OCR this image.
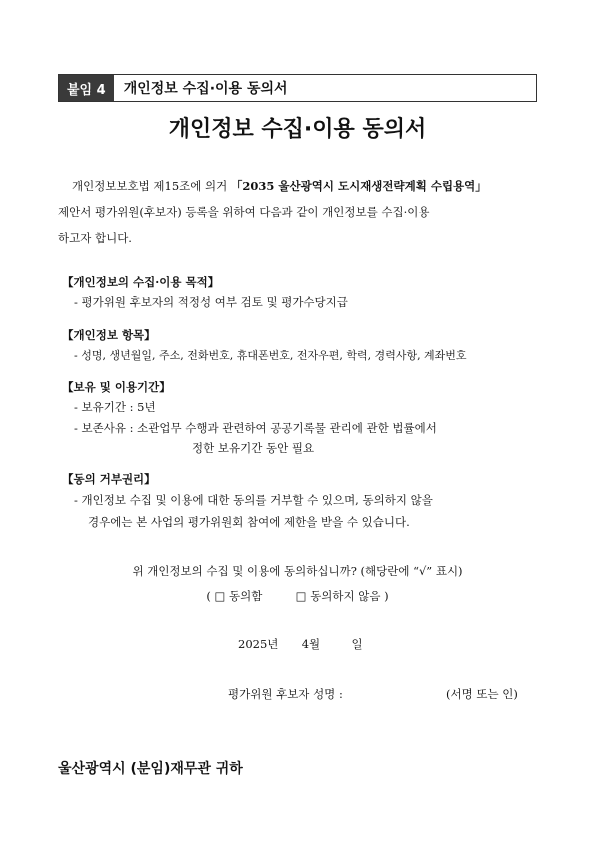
붙임 4	개인정보 수집·이용 동의서
개인정보 수집·이용 동의서
개인정보보호법 제15조에 의거 「2035 울산광역시 도시재생전략계획 수립용역」
제안서 평가위원(후보자) 등록을 위하여 다음과 같이 개인정보를 수집·이용
하고자 합니다.
【개인정보의 수집·이용 목적】
- 평가위원 후보자의 적정성 여부 검토 및 평가수당지급
【개인정보 항목】
- 성명, 생년월일, 주소, 전화번호, 휴대폰번호, 전자우편, 학력, 경력사항, 계좌번호
【보유 및 이용기간】
- 보유기간 : 5년
- 보존사유 : 소관업무 수행과 관련하여 공공기록물 관리에 관한 법률에서
정한 보유기간 동안 필요
【동의 거부권리】
- 개인정보 수집 및 이용에 대한 동의를 거부할 수 있으며, 동의하지 않을
경우에는 본 사업의 평가위원회 참여에 제한을 받을 수 있습니다.
위 개인정보의 수집 및 이용에 동의하십니까? (해당란에 “√” 표시)
( □ 동의함	□ 동의하지 않음 )
2025년 4월	일
평가위원 후보자 성명 :	(서명 또는 인)
울산광역시 (분임)재무관 귀하
